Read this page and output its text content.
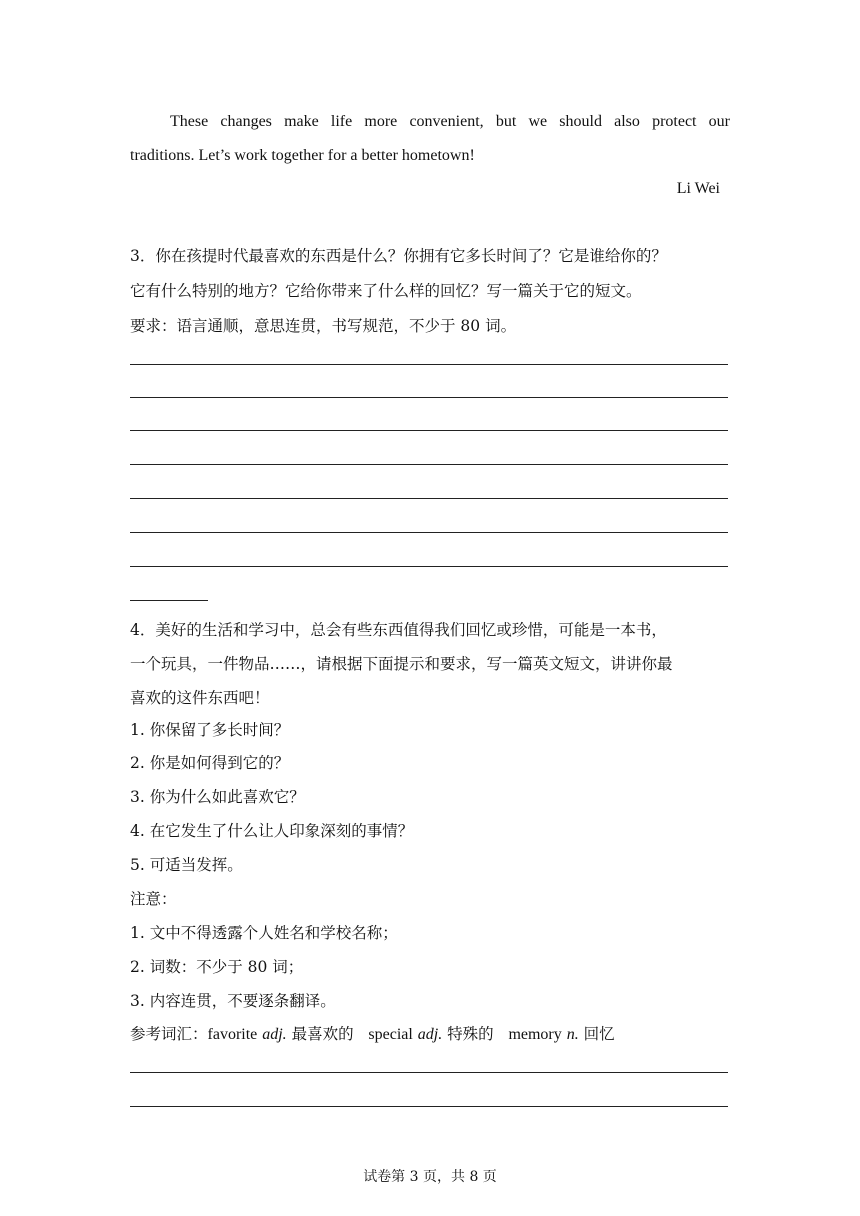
These changes make life more convenient, but we should also protect our
traditions. Let’s work together for a better hometown!
Li Wei
3．你在孩提时代最喜欢的东西是什么？你拥有它多长时间了？它是谁给你的？
它有什么特别的地方？它给你带来了什么样的回忆？写一篇关于它的短文。
要求：语言通顺，意思连贯，书写规范，不少于 80 词。
4．美好的生活和学习中，总会有些东西值得我们回忆或珍惜，可能是一本书，
一个玩具，一件物品……，请根据下面提示和要求，写一篇英文短文，讲讲你最
喜欢的这件东西吧！
1. 你保留了多长时间？
2. 你是如何得到它的？
3. 你为什么如此喜欢它？
4. 在它发生了什么让人印象深刻的事情？
5. 可适当发挥。
注意：
1. 文中不得透露个人姓名和学校名称；
2. 词数：不少于 80 词；
3. 内容连贯，不要逐条翻译。
参考词汇：favorite adj. 最喜欢的 special adj. 特殊的 memory n. 回忆
试卷第 3 页，共 8 页
